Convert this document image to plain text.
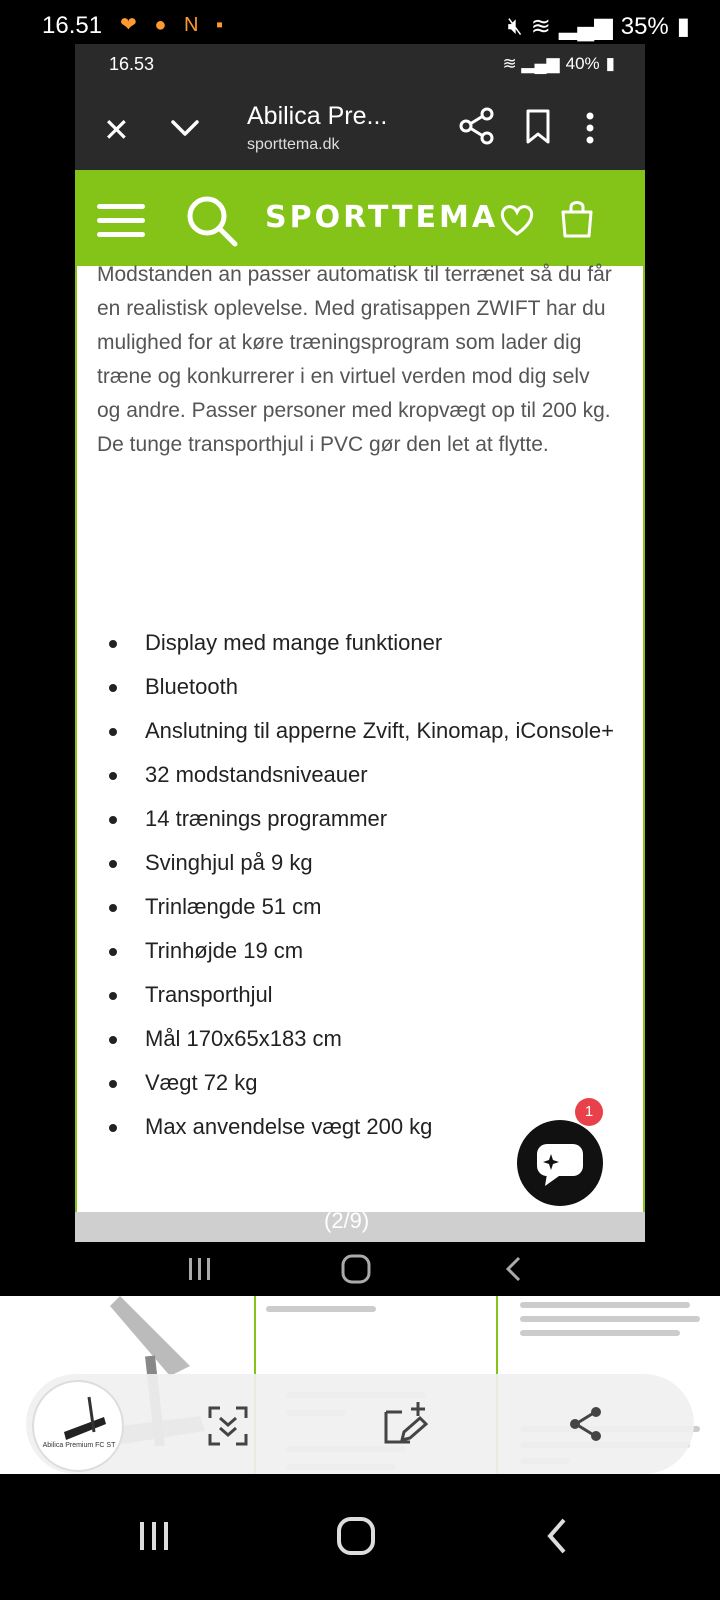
16.51 ❤ ● N ▪	🔇︎ ≋ ▂▄▆ 35% ▮
16.53	≋ ▂▄▆ 40% ▮
✕	Abilica Pre...
sporttema.dk
SPORTTEMA
Modstanden an passer automatisk til terrænet så du får en realistisk oplevelse. Med gratisappen ZWIFT har du mulighed for at køre træningsprogram som lader dig træne og konkurrerer i en virtuel verden mod dig selv og andre. Passer personer med kropvægt op til 200 kg. De tunge transporthjul i PVC gør den let at flytte.
Display med mange funktioner
Bluetooth
Anslutning til apperne Zvift, Kinomap, iConsole+
32 modstandsniveauer
14 trænings programmer
Svinghjul på 9 kg
Trinlængde 51 cm
Trinhøjde 19 cm
Transporthjul
Mål 170x65x183 cm
Vægt 72 kg
Max anvendelse vægt 200 kg
1
(2/9)
Abilica Premium FC ST
